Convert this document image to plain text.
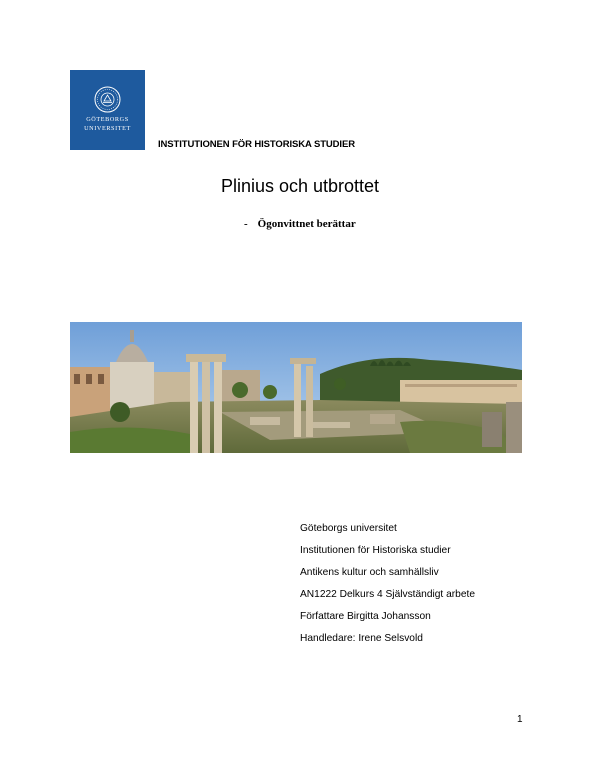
GÖTEBORGS
UNIVERSITET
INSTITUTIONEN FÖR HISTORISKA STUDIER
Plinius och utbrottet
- Ögonvittnet berättar
Göteborgs universitet
Institutionen för Historiska studier
Antikens kultur och samhällsliv
AN1222 Delkurs 4 Självständigt arbete
Författare Birgitta Johansson
Handledare: Irene Selsvold
1
